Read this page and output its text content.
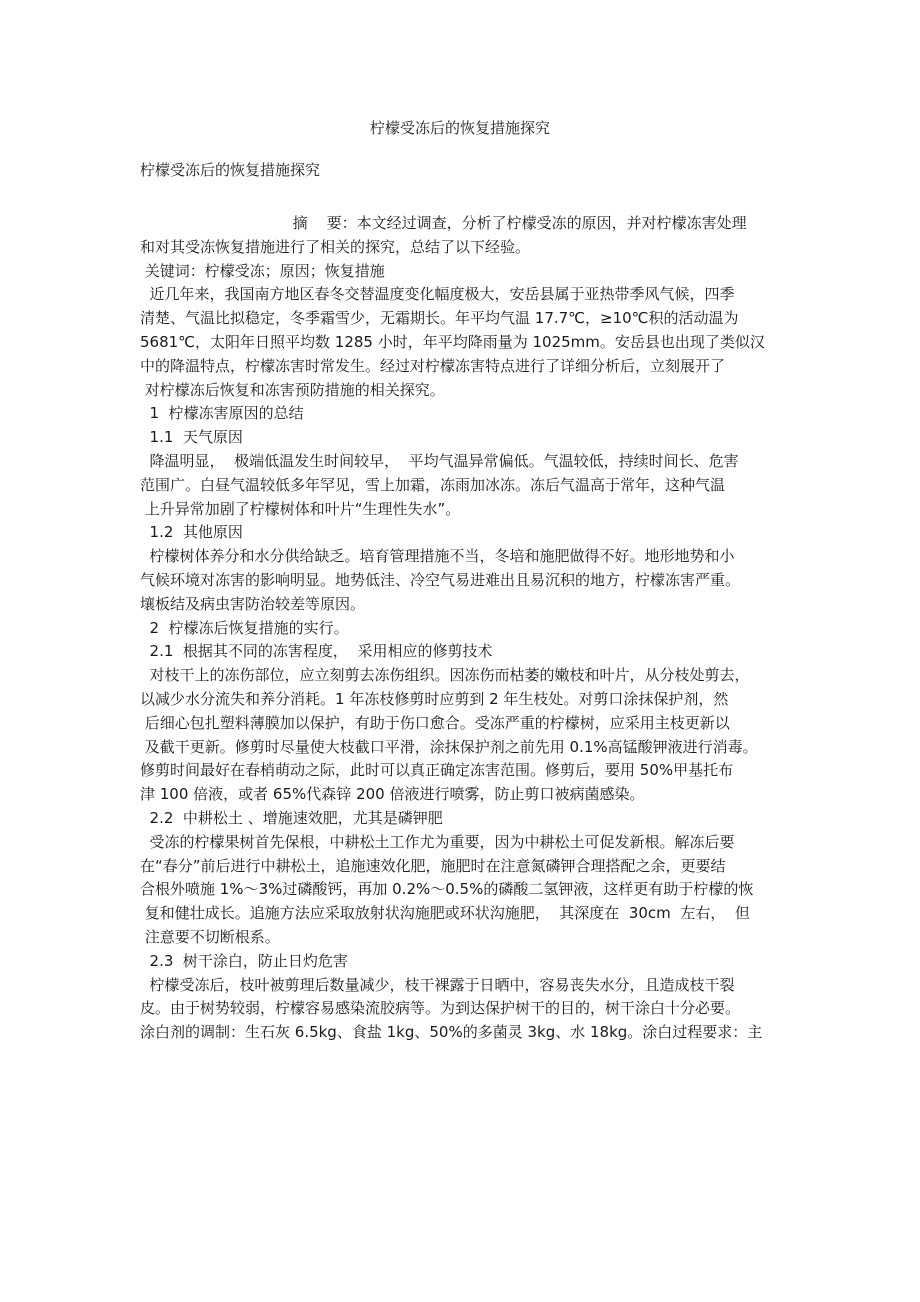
柠檬受冻后的恢复措施探究
柠檬受冻后的恢复措施探究
摘    要：本文经过调查，分析了柠檬受冻的原因，并对柠檬冻害处理
和对其受冻恢复措施进行了相关的探究，总结了以下经验。
关键词：柠檬受冻；原因；恢复措施
近几年来，我国南方地区春冬交替温度变化幅度极大，安岳县属于亚热带季风气候，四季
清楚、气温比拟稳定，冬季霜雪少，无霜期长。年平均气温 17.7℃，≥10℃积的活动温为
5681℃，太阳年日照平均数 1285 小时，年平均降雨量为 1025mm。安岳县也出现了类似汉
中的降温特点，柠檬冻害时常发生。经过对柠檬冻害特点进行了详细分析后，立刻展开了
对柠檬冻后恢复和冻害预防措施的相关探究。
1  柠檬冻害原因的总结
1.1  天气原因
降温明显，  极端低温发生时间较早，  平均气温异常偏低。气温较低，持续时间长、危害
范围广。白昼气温较低多年罕见，雪上加霜，冻雨加冰冻。冻后气温高于常年，这种气温
上升异常加剧了柠檬树体和叶片“生理性失水”。
1.2  其他原因
柠檬树体养分和水分供给缺乏。培育管理措施不当，冬培和施肥做得不好。地形地势和小
气候环境对冻害的影响明显。地势低洼、冷空气易进难出且易沉积的地方，柠檬冻害严重。
壤板结及病虫害防治较差等原因。
2  柠檬冻后恢复措施的实行。
2.1  根据其不同的冻害程度，  采用相应的修剪技术
对枝干上的冻伤部位，应立刻剪去冻伤组织。因冻伤而枯萎的嫩枝和叶片，从分枝处剪去，
以减少水分流失和养分消耗。1 年冻枝修剪时应剪到 2 年生枝处。对剪口涂抹保护剂，然
后细心包扎塑料薄膜加以保护，有助于伤口愈合。受冻严重的柠檬树，应采用主枝更新以
及截干更新。修剪时尽量使大枝截口平滑，涂抹保护剂之前先用 0.1%高锰酸钾液进行消毒。
修剪时间最好在春梢萌动之际，此时可以真正确定冻害范围。修剪后，要用 50%甲基托布
津 100 倍液，或者 65%代森锌 200 倍液进行喷雾，防止剪口被病菌感染。
2.2  中耕松土 、增施速效肥，尤其是磷钾肥
受冻的柠檬果树首先保根，中耕松土工作尤为重要，因为中耕松土可促发新根。解冻后要
在“春分”前后进行中耕松土，追施速效化肥，施肥时在注意氮磷钾合理搭配之余，更要结
合根外喷施 1%～3%过磷酸钙，再加 0.2%～0.5%的磷酸二氢钾液，这样更有助于柠檬的恢
复和健壮成长。追施方法应采取放射状沟施肥或环状沟施肥，  其深度在  30cm  左右，  但
注意要不切断根系。
2.3  树干涂白，防止日灼危害
柠檬受冻后，枝叶被剪理后数量减少，枝干裸露于日晒中，容易丧失水分，且造成枝干裂
皮。由于树势较弱，柠檬容易感染流胶病等。为到达保护树干的目的，树干涂白十分必要。
涂白剂的调制：生石灰 6.5kg、食盐 1kg、50%的多菌灵 3kg、水 18kg。涂白过程要求：主
